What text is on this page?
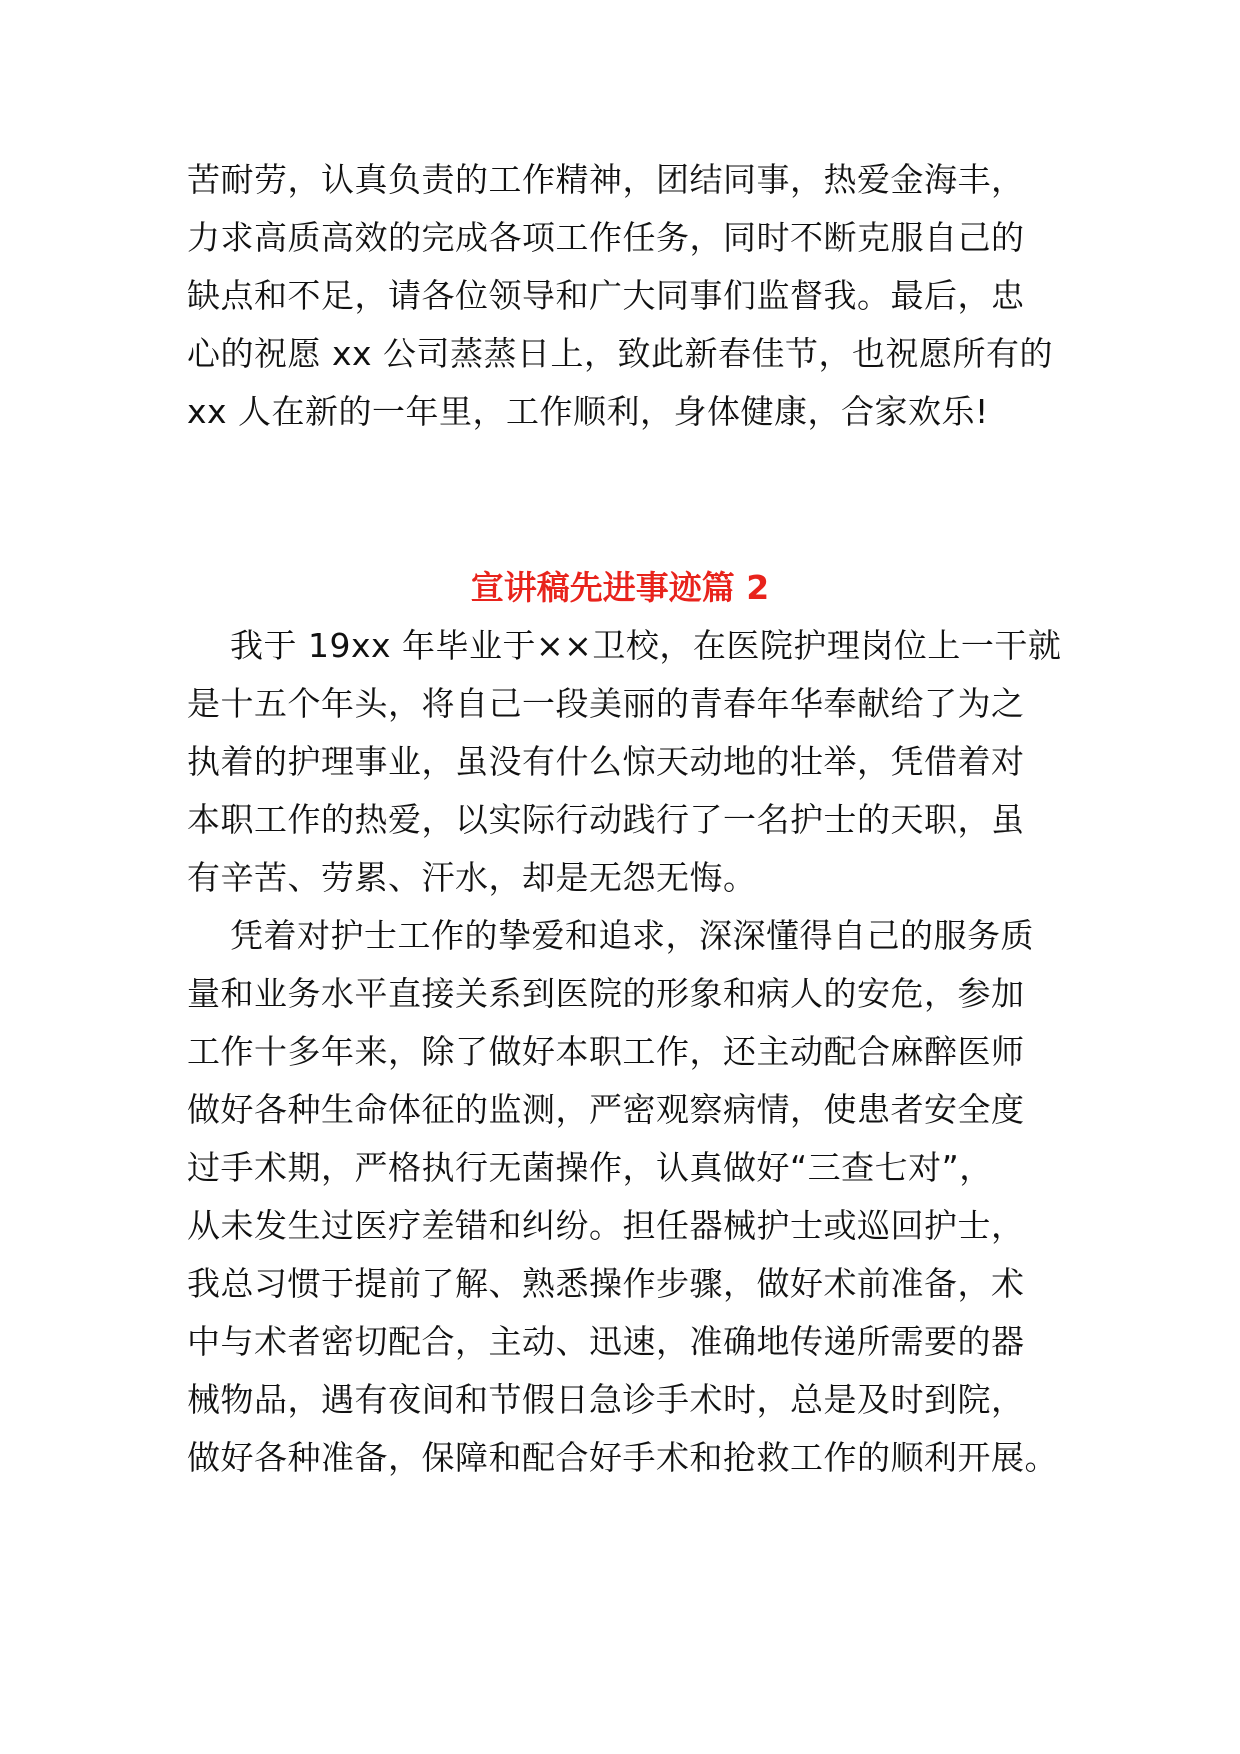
苦耐劳，认真负责的工作精神，团结同事，热爱金海丰，
力求高质高效的完成各项工作任务，同时不断克服自己的
缺点和不足，请各位领导和广大同事们监督我。最后，忠
心的祝愿 xx 公司蒸蒸日上，致此新春佳节，也祝愿所有的
xx 人在新的一年里，工作顺利，身体健康，合家欢乐!
宣讲稿先进事迹篇 2
我于 19xx 年毕业于××卫校，在医院护理岗位上一干就
是十五个年头，将自己一段美丽的青春年华奉献给了为之
执着的护理事业，虽没有什么惊天动地的壮举，凭借着对
本职工作的热爱，以实际行动践行了一名护士的天职，虽
有辛苦、劳累、汗水，却是无怨无悔。
凭着对护士工作的挚爱和追求，深深懂得自己的服务质
量和业务水平直接关系到医院的形象和病人的安危，参加
工作十多年来，除了做好本职工作，还主动配合麻醉医师
做好各种生命体征的监测，严密观察病情，使患者安全度
过手术期，严格执行无菌操作，认真做好“三查七对”，
从未发生过医疗差错和纠纷。担任器械护士或巡回护士，
我总习惯于提前了解、熟悉操作步骤，做好术前准备，术
中与术者密切配合，主动、迅速，准确地传递所需要的器
械物品，遇有夜间和节假日急诊手术时，总是及时到院，
做好各种准备，保障和配合好手术和抢救工作的顺利开展。
